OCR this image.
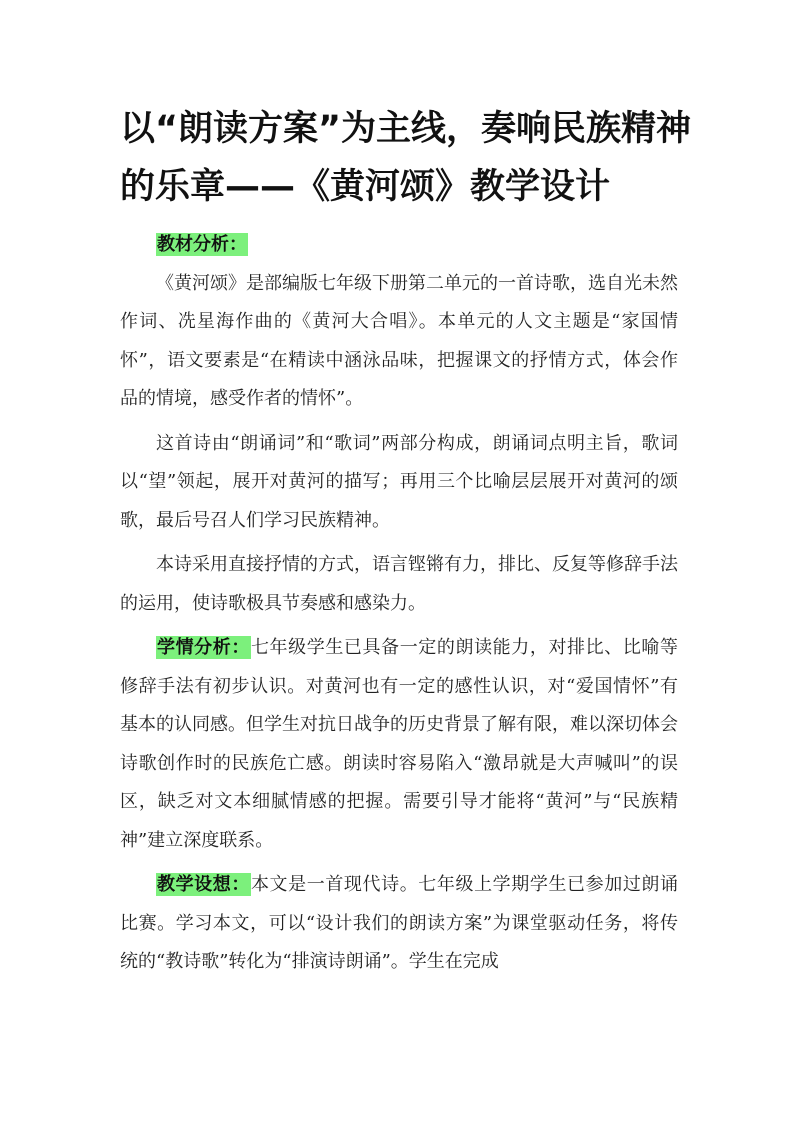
以“朗读方案”为主线，奏响民族精神
的乐章——《黄河颂》教学设计

教材分析：

《黄河颂》是部编版七年级下册第二单元的一首诗歌，选自光未然作词、冼星海作曲的《黄河大合唱》。本单元的人文主题是“家国情怀”，语文要素是“在精读中涵泳品味，把握课文的抒情方式，体会作品的情境，感受作者的情怀”。

这首诗由“朗诵词”和“歌词”两部分构成，朗诵词点明主旨，歌词以“望”领起，展开对黄河的描写；再用三个比喻层层展开对黄河的颂歌，最后号召人们学习民族精神。

本诗采用直接抒情的方式，语言铿锵有力，排比、反复等修辞手法的运用，使诗歌极具节奏感和感染力。

学情分析：七年级学生已具备一定的朗读能力，对排比、比喻等修辞手法有初步认识。对黄河也有一定的感性认识，对“爱国情怀”有基本的认同感。但学生对抗日战争的历史背景了解有限，难以深切体会诗歌创作时的民族危亡感。朗读时容易陷入“激昂就是大声喊叫”的误区，缺乏对文本细腻情感的把握。需要引导才能将“黄河”与“民族精神”建立深度联系。

教学设想：本文是一首现代诗。七年级上学期学生已参加过朗诵比赛。学习本文，可以“设计我们的朗读方案”为课堂驱动任务，将传统的“教诗歌”转化为“排演诗朗诵”。学生在完成
